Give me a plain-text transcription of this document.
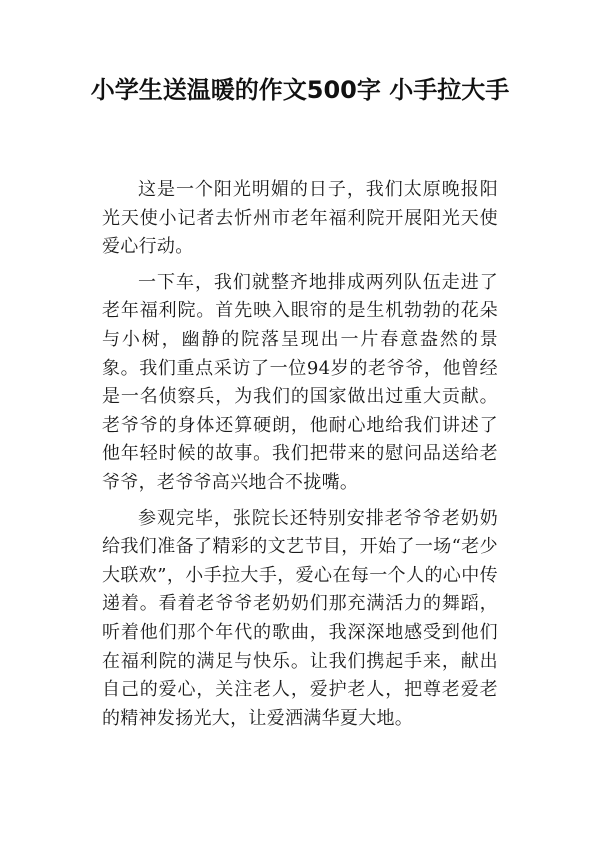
小学生送温暖的作文500字 小手拉大手

这是一个阳光明媚的日子，我们太原晚报阳光天使小记者去忻州市老年福利院开展阳光天使爱心行动。

一下车，我们就整齐地排成两列队伍走进了老年福利院。首先映入眼帘的是生机勃勃的花朵与小树，幽静的院落呈现出一片春意盎然的景象。我们重点采访了一位94岁的老爷爷，他曾经是一名侦察兵，为我们的国家做出过重大贡献。老爷爷的身体还算硬朗，他耐心地给我们讲述了他年轻时候的故事。我们把带来的慰问品送给老爷爷，老爷爷高兴地合不拢嘴。

参观完毕，张院长还特别安排老爷爷老奶奶给我们准备了精彩的文艺节目，开始了一场“老少大联欢”，小手拉大手，爱心在每一个人的心中传递着。看着老爷爷老奶奶们那充满活力的舞蹈，听着他们那个年代的歌曲，我深深地感受到他们在福利院的满足与快乐。让我们携起手来，献出自己的爱心，关注老人，爱护老人，把尊老爱老的精神发扬光大，让爱洒满华夏大地。
